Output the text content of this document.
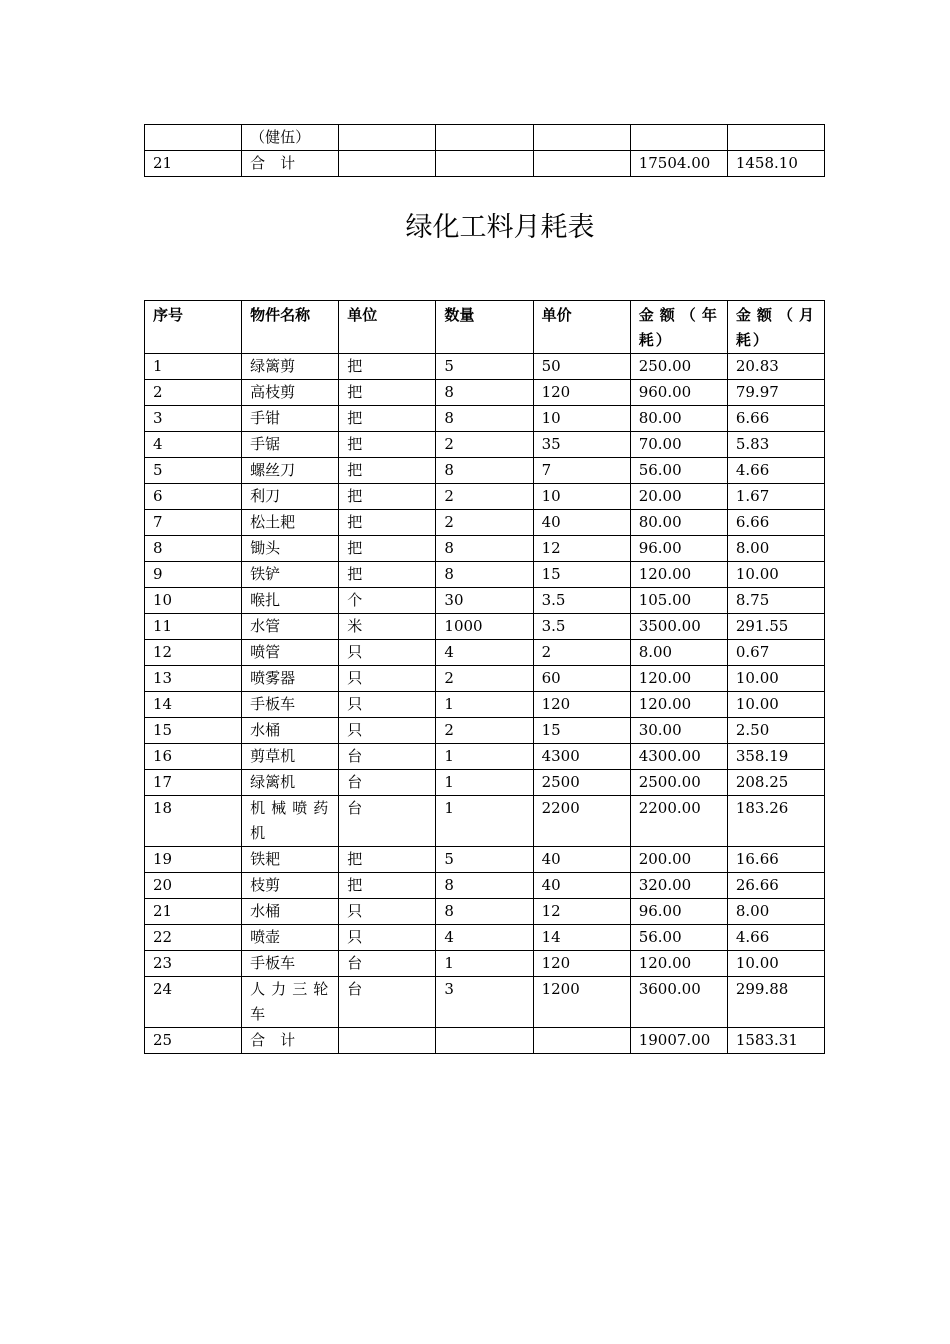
	（健伍）					
21	合　计				17504.00	1458.10
绿化工料月耗表
序号	物件名称	单位	数量	单价	金额（年耗）	金额（月耗）
1	绿篱剪	把	5	50	250.00	20.83
2	高枝剪	把	8	120	960.00	79.97
3	手钳	把	8	10	80.00	6.66
4	手锯	把	2	35	70.00	5.83
5	螺丝刀	把	8	7	56.00	4.66
6	利刀	把	2	10	20.00	1.67
7	松土耙	把	2	40	80.00	6.66
8	锄头	把	8	12	96.00	8.00
9	铁铲	把	8	15	120.00	10.00
10	喉扎	个	30	3.5	105.00	8.75
11	水管	米	1000	3.5	3500.00	291.55
12	喷管	只	4	2	8.00	0.67
13	喷雾器	只	2	60	120.00	10.00
14	手板车	只	1	120	120.00	10.00
15	水桶	只	2	15	30.00	2.50
16	剪草机	台	1	4300	4300.00	358.19
17	绿篱机	台	1	2500	2500.00	208.25
18	机械喷药机	台	1	2200	2200.00	183.26
19	铁耙	把	5	40	200.00	16.66
20	枝剪	把	8	40	320.00	26.66
21	水桶	只	8	12	96.00	8.00
22	喷壶	只	4	14	56.00	4.66
23	手板车	台	1	120	120.00	10.00
24	人力三轮车	台	3	1200	3600.00	299.88
25	合　计				19007.00	1583.31
